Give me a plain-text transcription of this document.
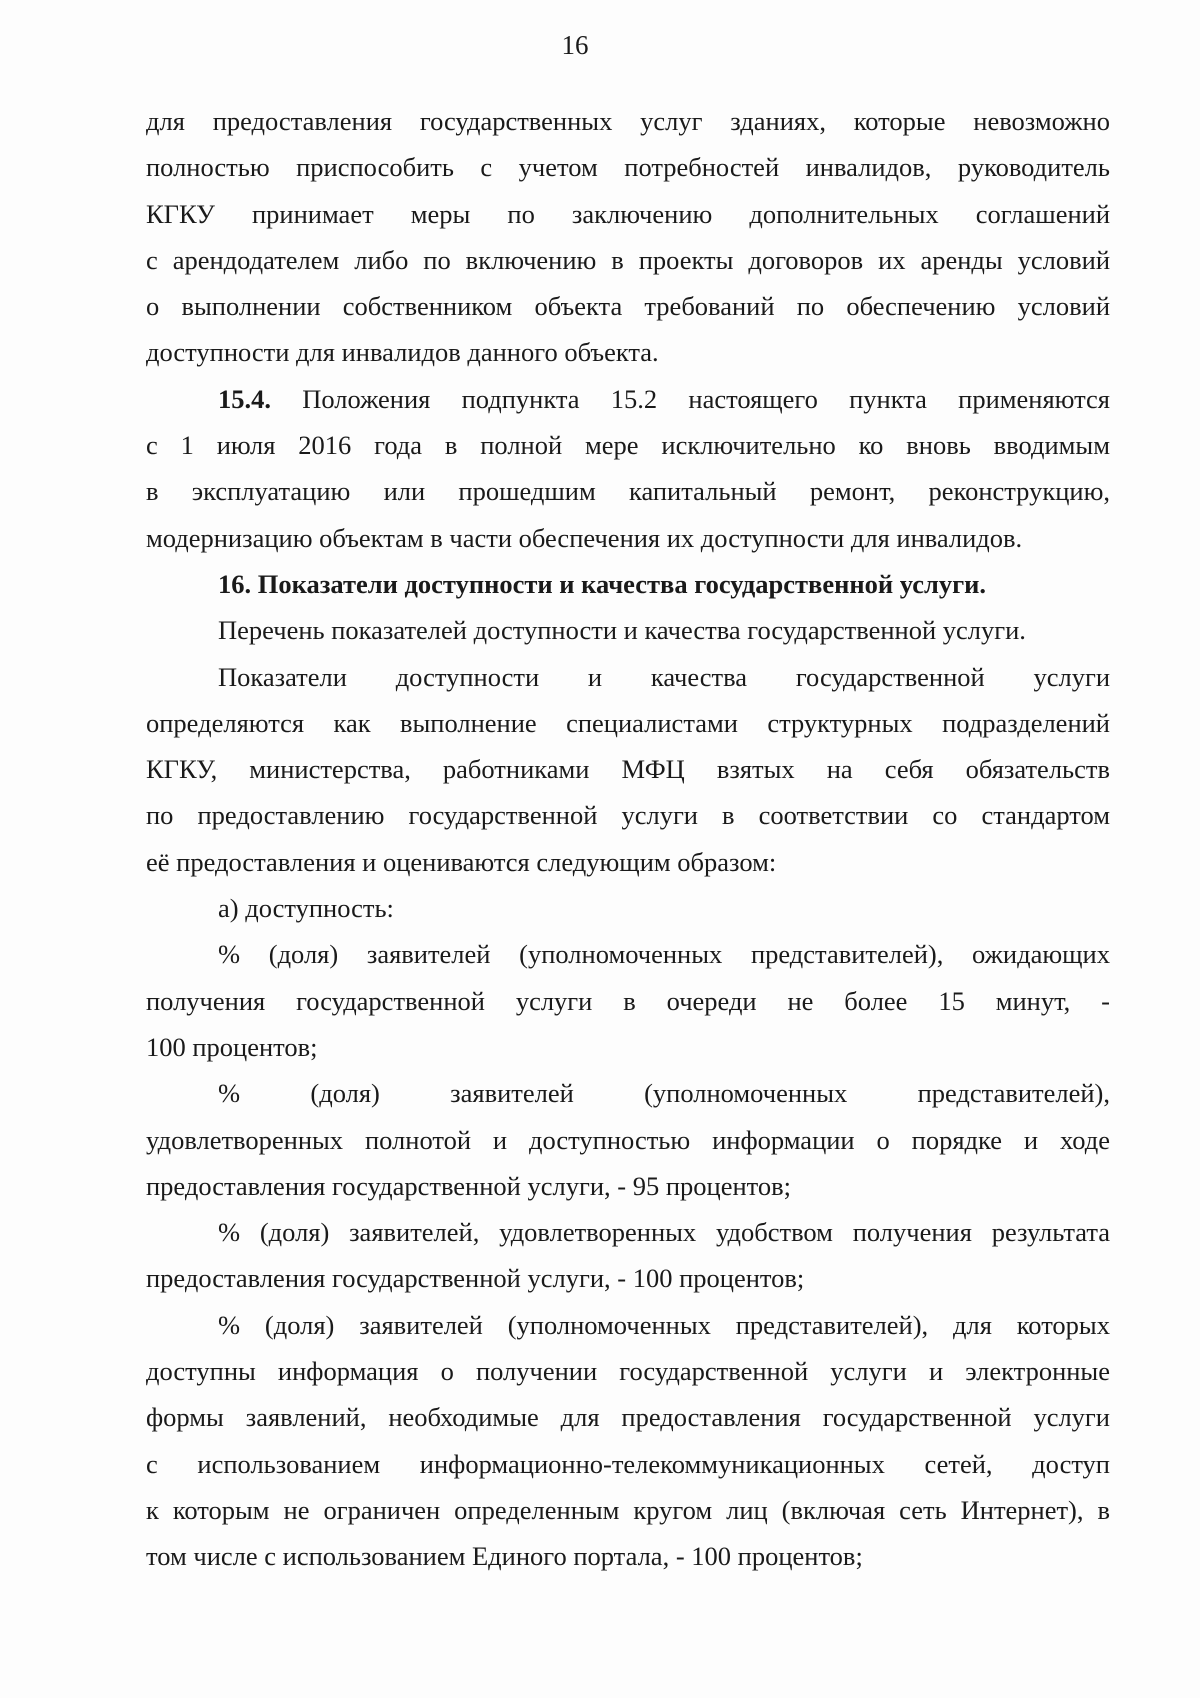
16
для предоставления государственных услуг зданиях, которые невозможно
полностью приспособить с учетом потребностей инвалидов, руководитель
КГКУ принимает меры по заключению дополнительных соглашений
с арендодателем либо по включению в проекты договоров их аренды условий
о выполнении собственником объекта требований по обеспечению условий
доступности для инвалидов данного объекта.
15.4. Положения подпункта 15.2 настоящего пункта применяются
с 1 июля 2016 года в полной мере исключительно ко вновь вводимым
в эксплуатацию или прошедшим капитальный ремонт, реконструкцию,
модернизацию объектам в части обеспечения их доступности для инвалидов.
16. Показатели доступности и качества государственной услуги.
Перечень показателей доступности и качества государственной услуги.
Показатели доступности и качества государственной услуги
определяются как выполнение специалистами структурных подразделений
КГКУ, министерства, работниками МФЦ взятых на себя обязательств
по предоставлению государственной услуги в соответствии со стандартом
её предоставления и оцениваются следующим образом:
а) доступность:
% (доля) заявителей (уполномоченных представителей), ожидающих
получения государственной услуги в очереди не более 15 минут, -
100 процентов;
% (доля) заявителей (уполномоченных представителей),
удовлетворенных полнотой и доступностью информации о порядке и ходе
предоставления государственной услуги, - 95 процентов;
% (доля) заявителей, удовлетворенных удобством получения результата
предоставления государственной услуги, - 100 процентов;
% (доля) заявителей (уполномоченных представителей), для которых
доступны информация о получении государственной услуги и электронные
формы заявлений, необходимые для предоставления государственной услуги
с использованием информационно-телекоммуникационных сетей, доступ
к которым не ограничен определенным кругом лиц (включая сеть Интернет), в
том числе с использованием Единого портала, - 100 процентов;
